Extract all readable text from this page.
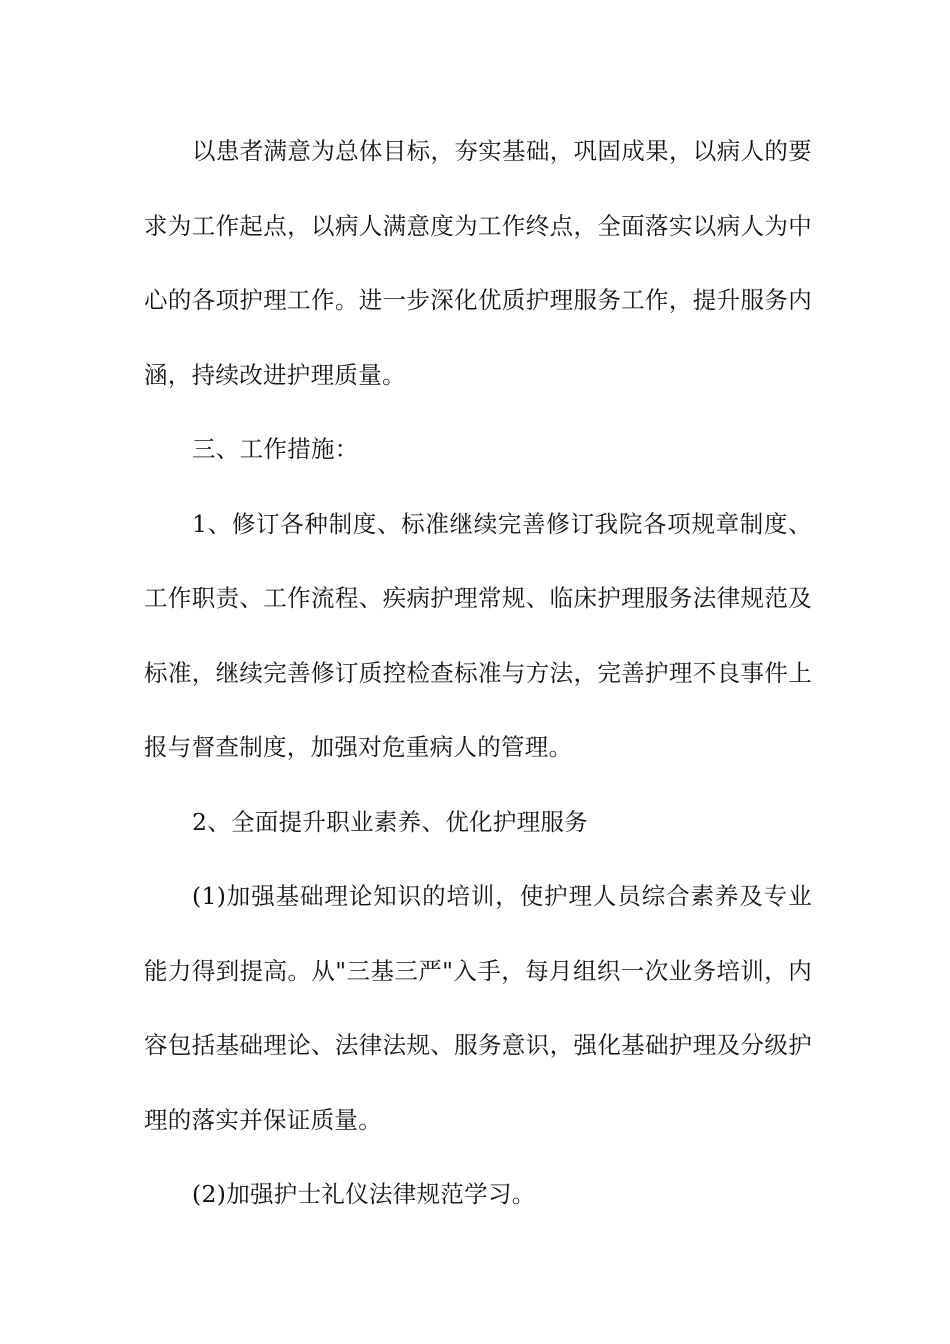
以患者满意为总体目标，夯实基础，巩固成果，以病人的要求为工作起点，以病人满意度为工作终点，全面落实以病人为中心的各项护理工作。进一步深化优质护理服务工作，提升服务内涵，持续改进护理质量。

三、工作措施：

1、修订各种制度、标准继续完善修订我院各项规章制度、工作职责、工作流程、疾病护理常规、临床护理服务法律规范及标准，继续完善修订质控检查标准与方法，完善护理不良事件上报与督查制度，加强对危重病人的管理。

2、全面提升职业素养、优化护理服务

(1)加强基础理论知识的培训，使护理人员综合素养及专业能力得到提高。从"三基三严"入手，每月组织一次业务培训，内容包括基础理论、法律法规、服务意识，强化基础护理及分级护理的落实并保证质量。

(2)加强护士礼仪法律规范学习。
